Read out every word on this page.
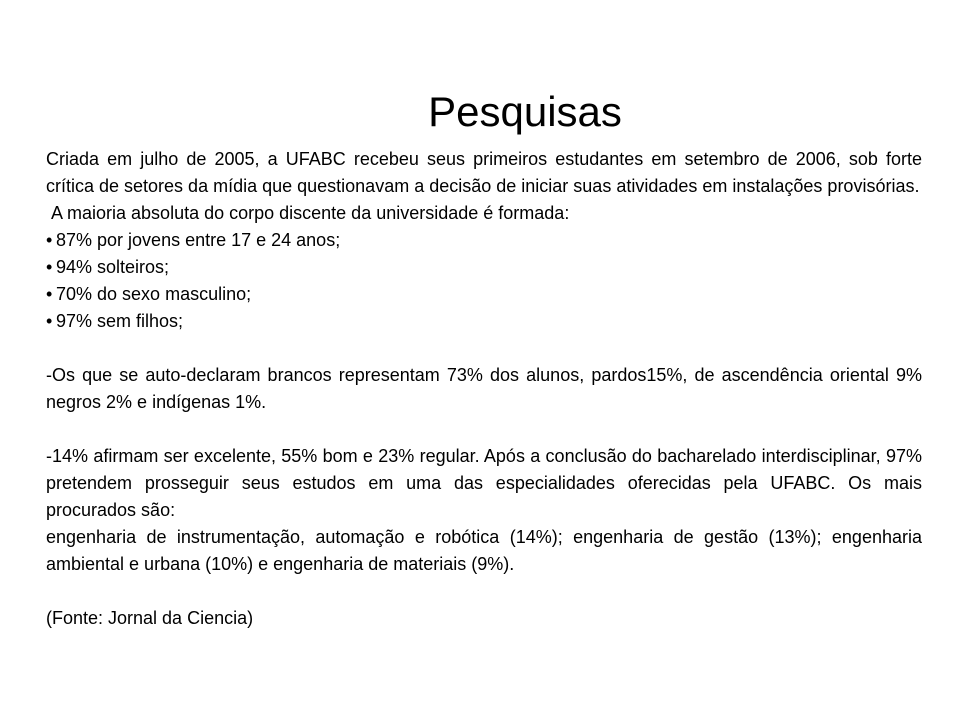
Pesquisas

Criada em julho de 2005, a UFABC recebeu seus primeiros estudantes em setembro de 2006, sob forte crítica de setores da mídia que questionavam a decisão de iniciar suas atividades em instalações provisórias.

A maioria absoluta do corpo discente da universidade é formada:

• 87% por jovens entre 17 e 24 anos;
• 94% solteiros;
• 70% do sexo masculino;
• 97% sem filhos;

-Os que se auto-declaram brancos representam 73% dos alunos, pardos15%, de ascendência oriental 9% negros 2% e indígenas 1%.

-14% afirmam ser excelente, 55% bom e 23% regular. Após a conclusão do bacharelado interdisciplinar, 97% pretendem prosseguir seus estudos em uma das especialidades oferecidas pela UFABC. Os mais procurados são:

engenharia de instrumentação, automação e robótica (14%); engenharia de gestão (13%); engenharia ambiental e urbana (10%) e engenharia de materiais (9%).

(Fonte: Jornal da Ciencia)
